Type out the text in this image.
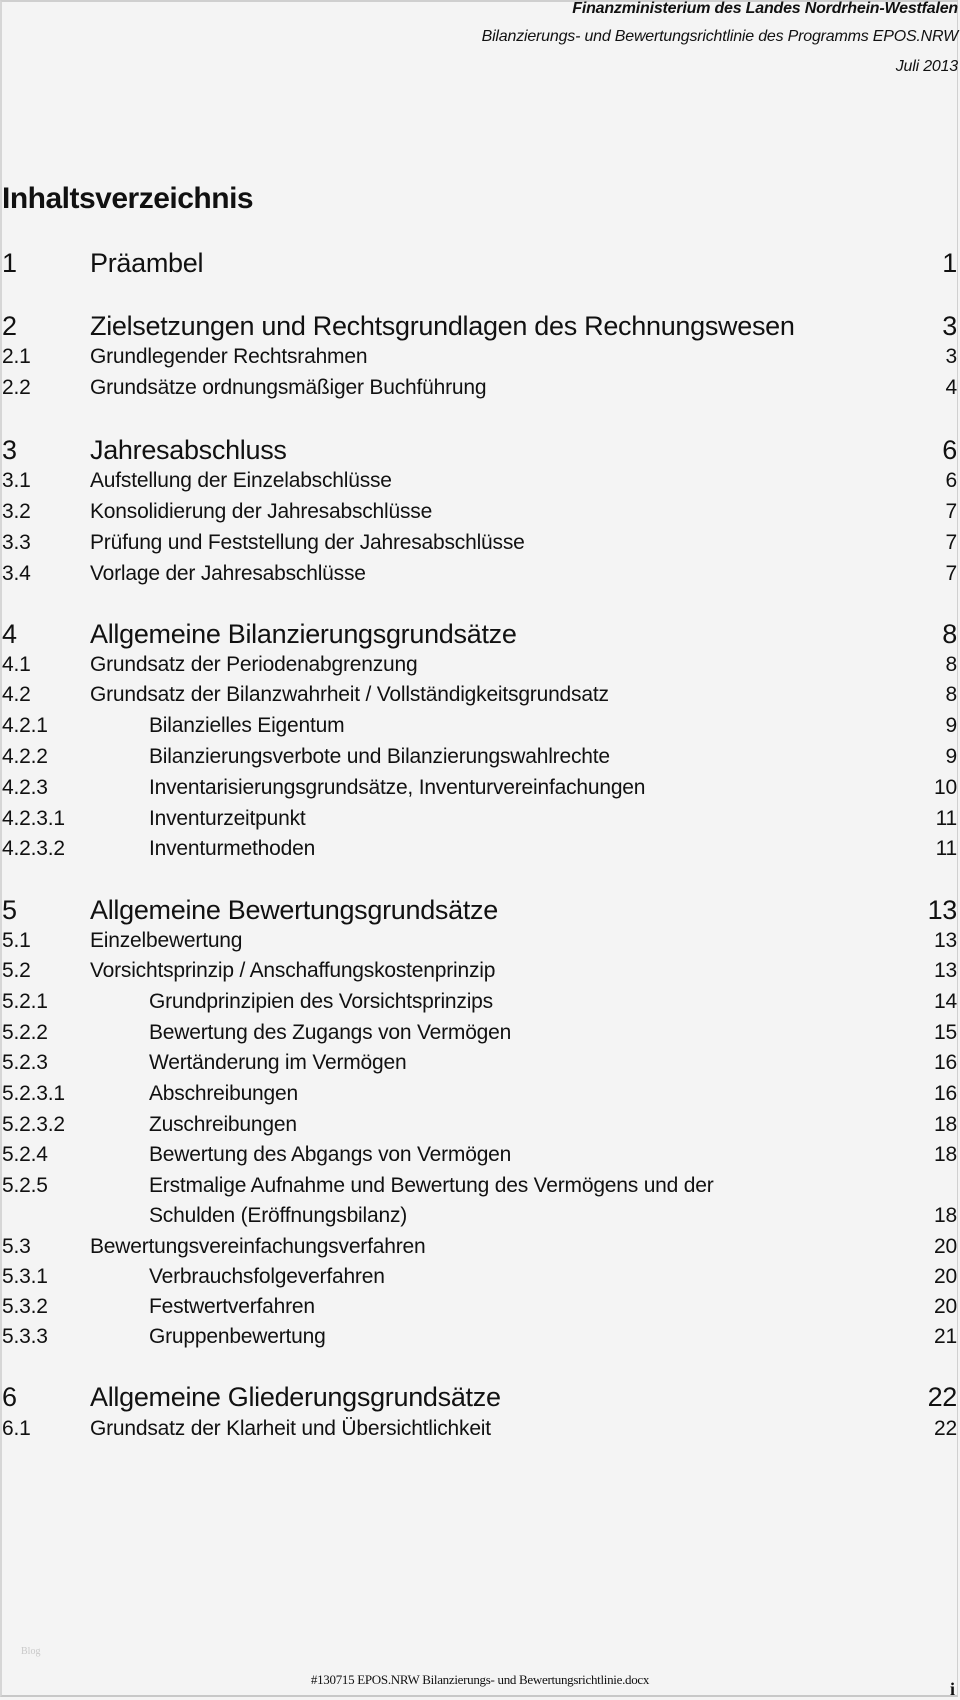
Finanzministerium des Landes Nordrhein-Westfalen
Bilanzierungs- und Bewertungsrichtlinie des Programms EPOS.NRW
Juli 2013
Inhaltsverzeichnis
1	Präambel	1
2	Zielsetzungen und Rechtsgrundlagen des Rechnungswesen	3
2.1	Grundlegender Rechtsrahmen	3
2.2	Grundsätze ordnungsmäßiger Buchführung	4
3	Jahresabschluss	6
3.1	Aufstellung der Einzelabschlüsse	6
3.2	Konsolidierung der Jahresabschlüsse	7
3.3	Prüfung und Feststellung der Jahresabschlüsse	7
3.4	Vorlage der Jahresabschlüsse	7
4	Allgemeine Bilanzierungsgrundsätze	8
4.1	Grundsatz der Periodenabgrenzung	8
4.2	Grundsatz der Bilanzwahrheit / Vollständigkeitsgrundsatz	8
4.2.1	Bilanzielles Eigentum	9
4.2.2	Bilanzierungsverbote und Bilanzierungswahlrechte	9
4.2.3	Inventarisierungsgrundsätze, Inventurvereinfachungen	10
4.2.3.1	Inventurzeitpunkt	11
4.2.3.2	Inventurmethoden	11
5	Allgemeine Bewertungsgrundsätze	13
5.1	Einzelbewertung	13
5.2	Vorsichtsprinzip / Anschaffungskostenprinzip	13
5.2.1	Grundprinzipien des Vorsichtsprinzips	14
5.2.2	Bewertung des Zugangs von Vermögen	15
5.2.3	Wertänderung im Vermögen	16
5.2.3.1	Abschreibungen	16
5.2.3.2	Zuschreibungen	18
5.2.4	Bewertung des Abgangs von Vermögen	18
5.2.5	Erstmalige Aufnahme und Bewertung des Vermögens und der
Schulden (Eröffnungsbilanz)	18
5.3	Bewertungsvereinfachungsverfahren	20
5.3.1	Verbrauchsfolgeverfahren	20
5.3.2	Festwertverfahren	20
5.3.3	Gruppenbewertung	21
6	Allgemeine Gliederungsgrundsätze	22
6.1	Grundsatz der Klarheit und Übersichtlichkeit	22
Blog
#130715 EPOS.NRW Bilanzierungs- und Bewertungsrichtlinie.docx	i
